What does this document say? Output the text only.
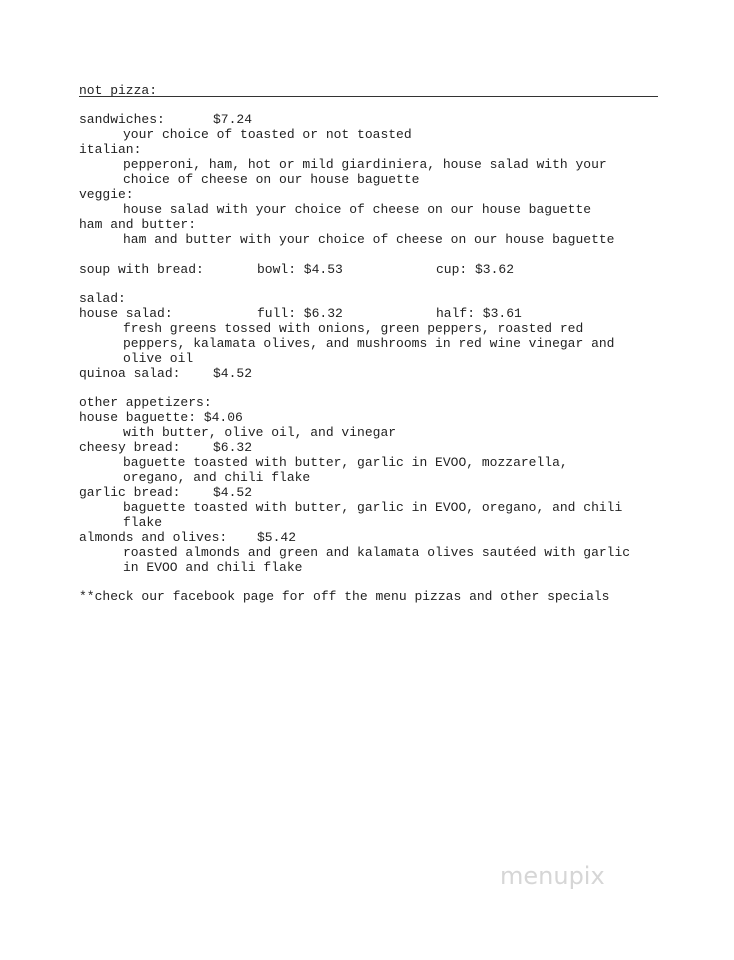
not pizza:
sandwiches:	$7.24
your choice of toasted or not toasted
italian:
pepperoni, ham, hot or mild giardiniera, house salad with your
choice of cheese on our house baguette
veggie:
house salad with your choice of cheese on our house baguette
ham and butter:
ham and butter with your choice of cheese on our house baguette
soup with bread:	bowl: $4.53	cup: $3.62
salad:
house salad:	full: $6.32	half: $3.61
fresh greens tossed with onions, green peppers, roasted red
peppers, kalamata olives, and mushrooms in red wine vinegar and
olive oil
quinoa salad:	$4.52
other appetizers:
house baguette: $4.06
with butter, olive oil, and vinegar
cheesy bread:	$6.32
baguette toasted with butter, garlic in EVOO, mozzarella,
oregano, and chili flake
garlic bread:	$4.52
baguette toasted with butter, garlic in EVOO, oregano, and chili
flake
almonds and olives: $5.42
roasted almonds and green and kalamata olives sautéed with garlic
in EVOO and chili flake
**check our facebook page for off the menu pizzas and other specials
menupix
